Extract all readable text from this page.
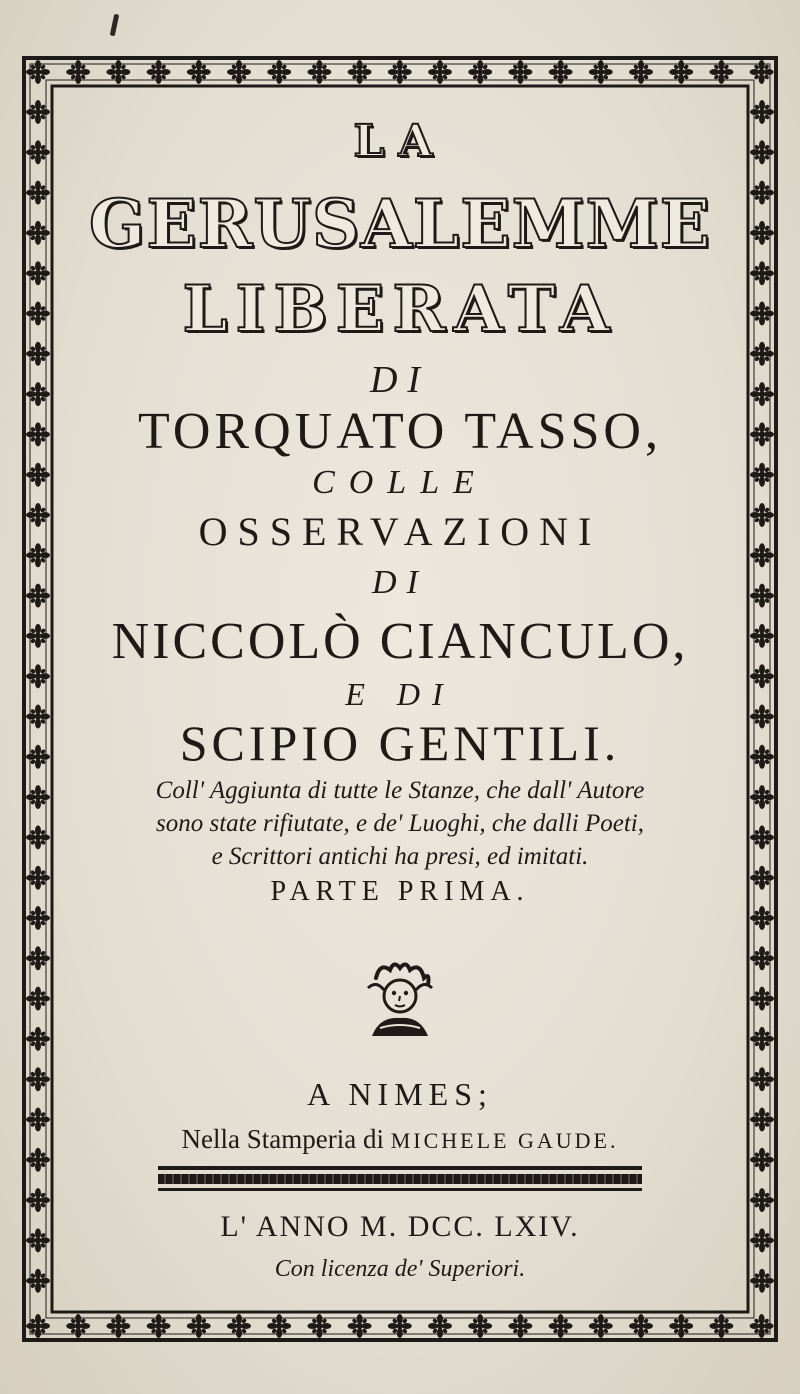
LA
GERUSALEMME
LIBERATA
DI
TORQUATO TASSO,
COLLE
OSSERVAZIONI
DI
NICCOLÒ CIANCULO,
E DI
SCIPIO GENTILI.
Coll' Aggiunta di tutte le Stanze, che dall' Autore
sono state rifiutate, e de' Luoghi, che dalli Poeti,
e Scrittori antichi ha presi, ed imitati.
PARTE PRIMA.
A NIMES;
Nella Stamperia di MICHELE GAUDE.
L' ANNO M. DCC. LXIV.
Con licenza de' Superiori.
